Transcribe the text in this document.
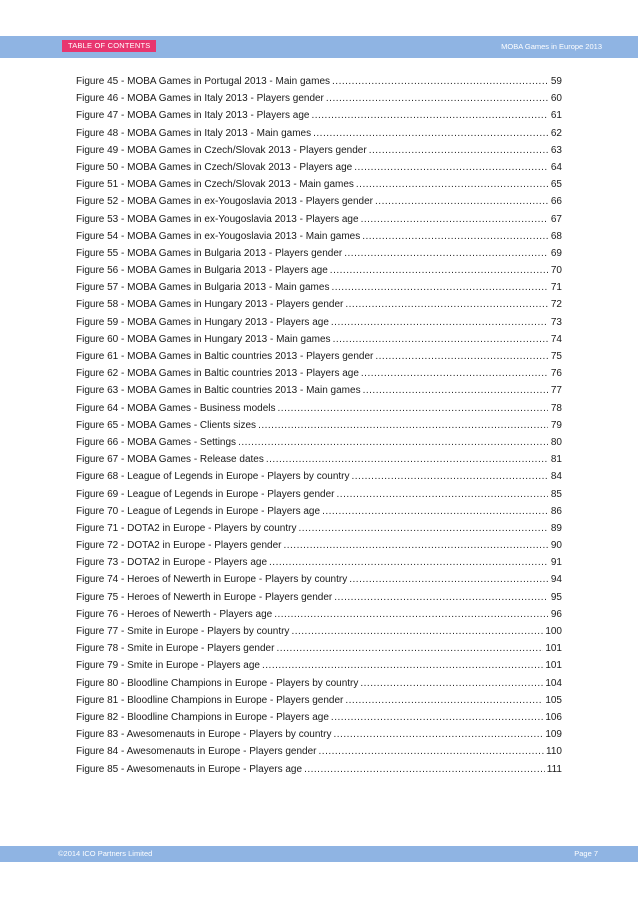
TABLE OF CONTENTS	MOBA Games in Europe 2013
Figure 45 - MOBA Games in Portugal 2013 - Main games .....	59
Figure 46 - MOBA Games in Italy 2013 - Players gender .....	60
Figure 47 - MOBA Games in Italy 2013 - Players age .....	61
Figure 48 - MOBA Games in Italy 2013 - Main games .....	62
Figure 49 - MOBA Games in Czech/Slovak 2013 - Players gender .....	63
Figure 50 - MOBA Games in Czech/Slovak 2013 - Players age .....	64
Figure 51 - MOBA Games in Czech/Slovak 2013 - Main games .....	65
Figure 52 - MOBA Games in ex-Yougoslavia 2013 - Players gender .....	66
Figure 53 - MOBA Games in ex-Yougoslavia 2013 - Players age .....	67
Figure 54 - MOBA Games in ex-Yougoslavia 2013 - Main games .....	68
Figure 55 - MOBA Games in Bulgaria 2013 - Players gender .....	69
Figure 56 - MOBA Games in Bulgaria 2013 - Players age .....	70
Figure 57 - MOBA Games in Bulgaria 2013 - Main games .....	71
Figure 58 - MOBA Games in Hungary 2013 - Players gender .....	72
Figure 59 - MOBA Games in Hungary 2013 - Players age .....	73
Figure 60 - MOBA Games in Hungary 2013 - Main games .....	74
Figure 61 - MOBA Games in Baltic countries 2013 - Players gender .....	75
Figure 62 - MOBA Games in Baltic countries 2013 - Players age .....	76
Figure 63 - MOBA Games in Baltic countries 2013 - Main games .....	77
Figure 64 - MOBA Games - Business models .....	78
Figure 65 - MOBA Games - Clients sizes .....	79
Figure 66 - MOBA Games - Settings .....	80
Figure 67 - MOBA Games - Release dates .....	81
Figure 68 - League of Legends in Europe - Players by country .....	84
Figure 69 - League of Legends in Europe - Players gender .....	85
Figure 70 - League of Legends in Europe - Players age .....	86
Figure 71 - DOTA2 in Europe - Players by country .....	89
Figure 72 - DOTA2 in Europe - Players gender .....	90
Figure 73 - DOTA2 in Europe - Players age .....	91
Figure 74 - Heroes of Newerth in Europe - Players by country .....	94
Figure 75 - Heroes of Newerth in Europe - Players gender .....	95
Figure 76 - Heroes of Newerth - Players age .....	96
Figure 77 - Smite in Europe - Players by country .....	100
Figure 78 - Smite in Europe - Players gender .....	101
Figure 79 - Smite in Europe - Players age .....	101
Figure 80 - Bloodline Champions in Europe - Players by country .....	104
Figure 81 - Bloodline Champions in Europe - Players gender .....	105
Figure 82 - Bloodline Champions in Europe - Players age .....	106
Figure 83 - Awesomenauts in Europe - Players by country .....	109
Figure 84 - Awesomenauts in Europe - Players gender .....	110
Figure 85 - Awesomenauts in Europe - Players age .....	111
©2014 ICO Partners Limited	Page 7
